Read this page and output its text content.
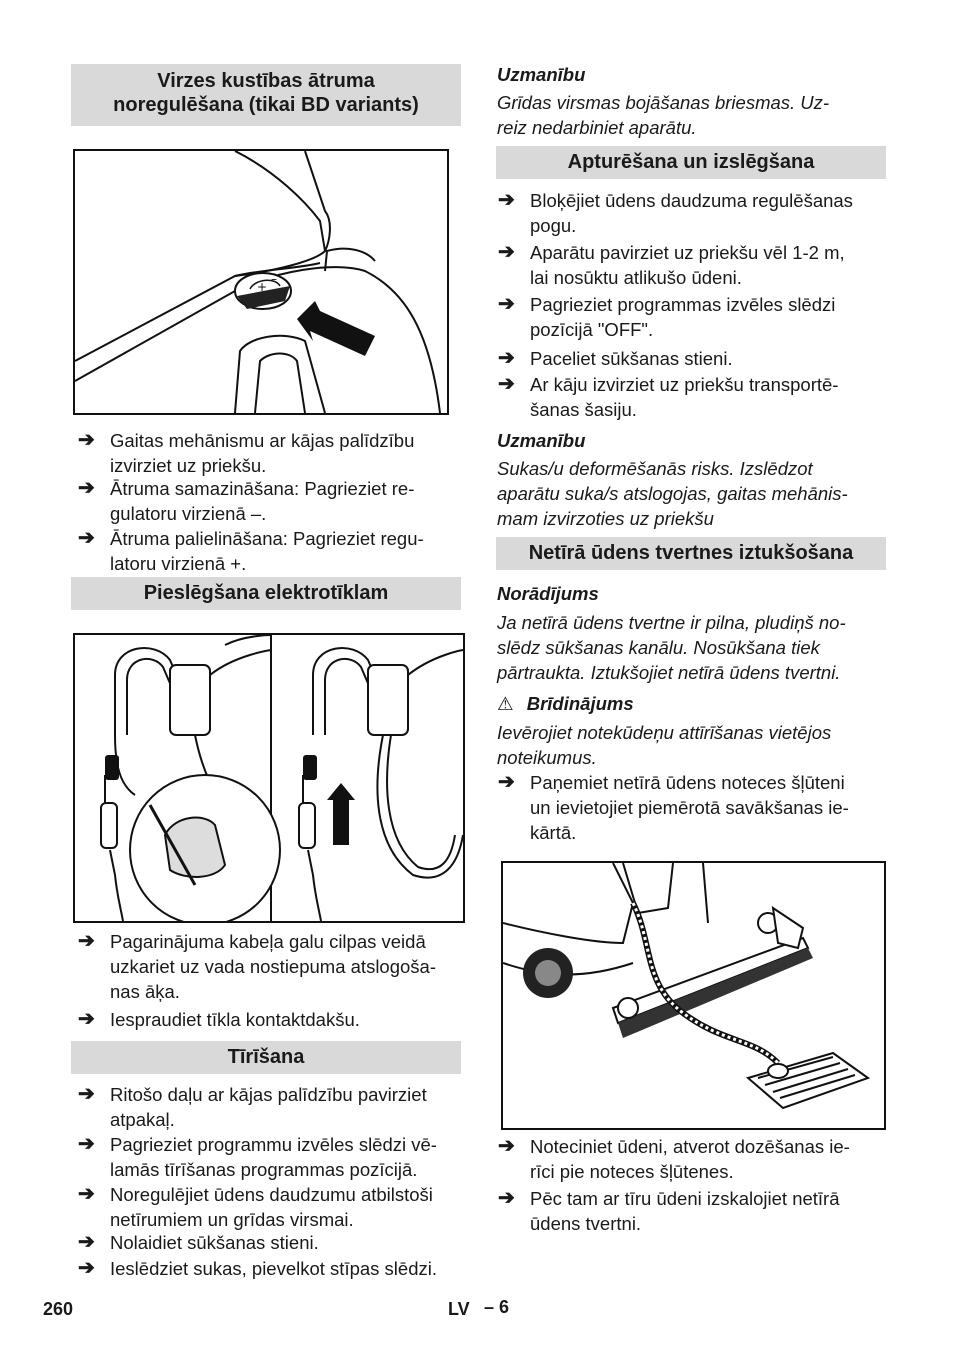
Virzes kustības ātruma
noregulēšana (tikai BD variants)
+
–
➔ Gaitas mehānismu ar kājas palīdzību
izvirziet uz priekšu.
➔ Ātruma samazināšana: Pagrieziet re-
gulatoru virzienā –.
➔ Ātruma palielināšana: Pagrieziet regu-
latoru virzienā +.
Pieslēgšana elektrotīklam
➔ Pagarinājuma kabeļa galu cilpas veidā
uzkariet uz vada nostiepuma atslogoša-
nas āķa.
➔ Iespraudiet tīkla kontaktdakšu.
Tīrīšana
➔ Ritošo daļu ar kājas palīdzību pavirziet
atpakaļ.
➔ Pagrieziet programmu izvēles slēdzi vē-
lamās tīrīšanas programmas pozīcijā.
➔ Noregulējiet ūdens daudzumu atbilstoši
netīrumiem un grīdas virsmai.
➔ Nolaidiet sūkšanas stieni.
➔ Ieslēdziet sukas, pievelkot stīpas slēdzi.
Uzmanību
Grīdas virsmas bojāšanas briesmas. Uz-
reiz nedarbiniet aparātu.
Apturēšana un izslēgšana
➔ Bloķējiet ūdens daudzuma regulēšanas
pogu.
➔ Aparātu pavirziet uz priekšu vēl 1-2 m,
lai nosūktu atlikušo ūdeni.
➔ Pagrieziet programmas izvēles slēdzi
pozīcijā "OFF".
➔ Paceliet sūkšanas stieni.
➔ Ar kāju izvirziet uz priekšu transportē-
šanas šasiju.
Uzmanību
Sukas/u deformēšanās risks. Izslēdzot
aparātu suka/s atslogojas, gaitas mehānis-
mam izvirzoties uz priekšu
Netīrā ūdens tvertnes iztukšošana
Norādījums
Ja netīrā ūdens tvertne ir pilna, pludiņš no-
slēdz sūkšanas kanālu. Nosūkšana tiek
pārtraukta. Iztukšojiet netīrā ūdens tvertni.
⚠ Brīdinājums
Ievērojiet notekūdeņu attīrīšanas vietējos
noteikumus.
➔ Paņemiet netīrā ūdens noteces šļūteni
un ievietojiet piemērotā savākšanas ie-
kārtā.
➔ Noteciniet ūdeni, atverot dozēšanas ie-
rīci pie noteces šļūtenes.
➔ Pēc tam ar tīru ūdeni izskalojiet netīrā
ūdens tvertni.
260	LV – 6
